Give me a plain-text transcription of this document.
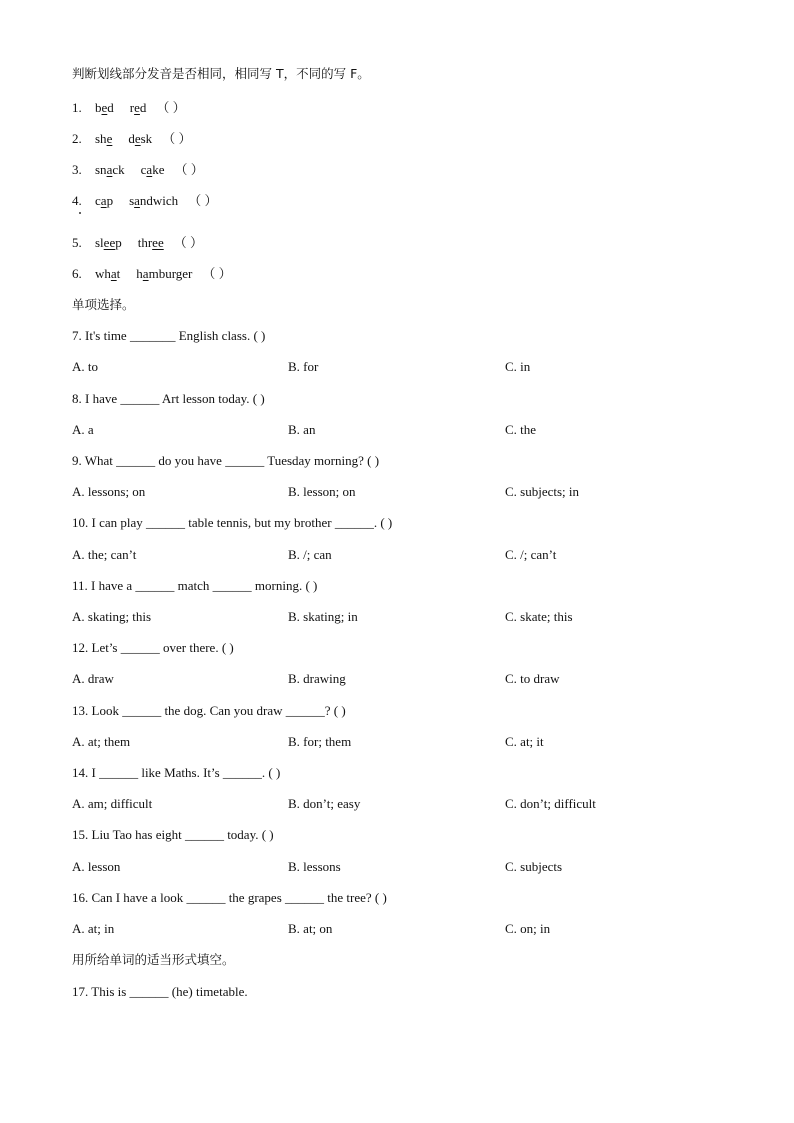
判断划线部分发音是否相同，相同写 T，不同的写 F。
1. bed red （ ）
2. she desk （ ）
3. snack cake （ ）
4. cap sandwich （ ）
5. sleep three （ ）
6. what hamburger （ ）
单项选择。
7. It's time _______ English class. ( )
A. to	B. for	C. in
8. I have ______ Art lesson today. ( )
A. a	B. an	C. the
9. What ______ do you have ______ Tuesday morning? ( )
A. lessons; on	B. lesson; on	C. subjects; in
10. I can play ______ table tennis, but my brother ______. ( )
A. the; can’t	B. /; can	C. /; can’t
11. I have a ______ match ______ morning. ( )
A. skating; this	B. skating; in	C. skate; this
12. Let’s ______ over there. ( )
A. draw	B. drawing	C. to draw
13. Look ______ the dog. Can you draw ______? ( )
A. at; them	B. for; them	C. at; it
14. I ______ like Maths. It’s ______. ( )
A. am; difficult	B. don’t; easy	C. don’t; difficult
15. Liu Tao has eight ______ today. ( )
A. lesson	B. lessons	C. subjects
16. Can I have a look ______ the grapes ______ the tree? ( )
A. at; in	B. at; on	C. on; in
用所给单词的适当形式填空。
17. This is ______ (he) timetable.
